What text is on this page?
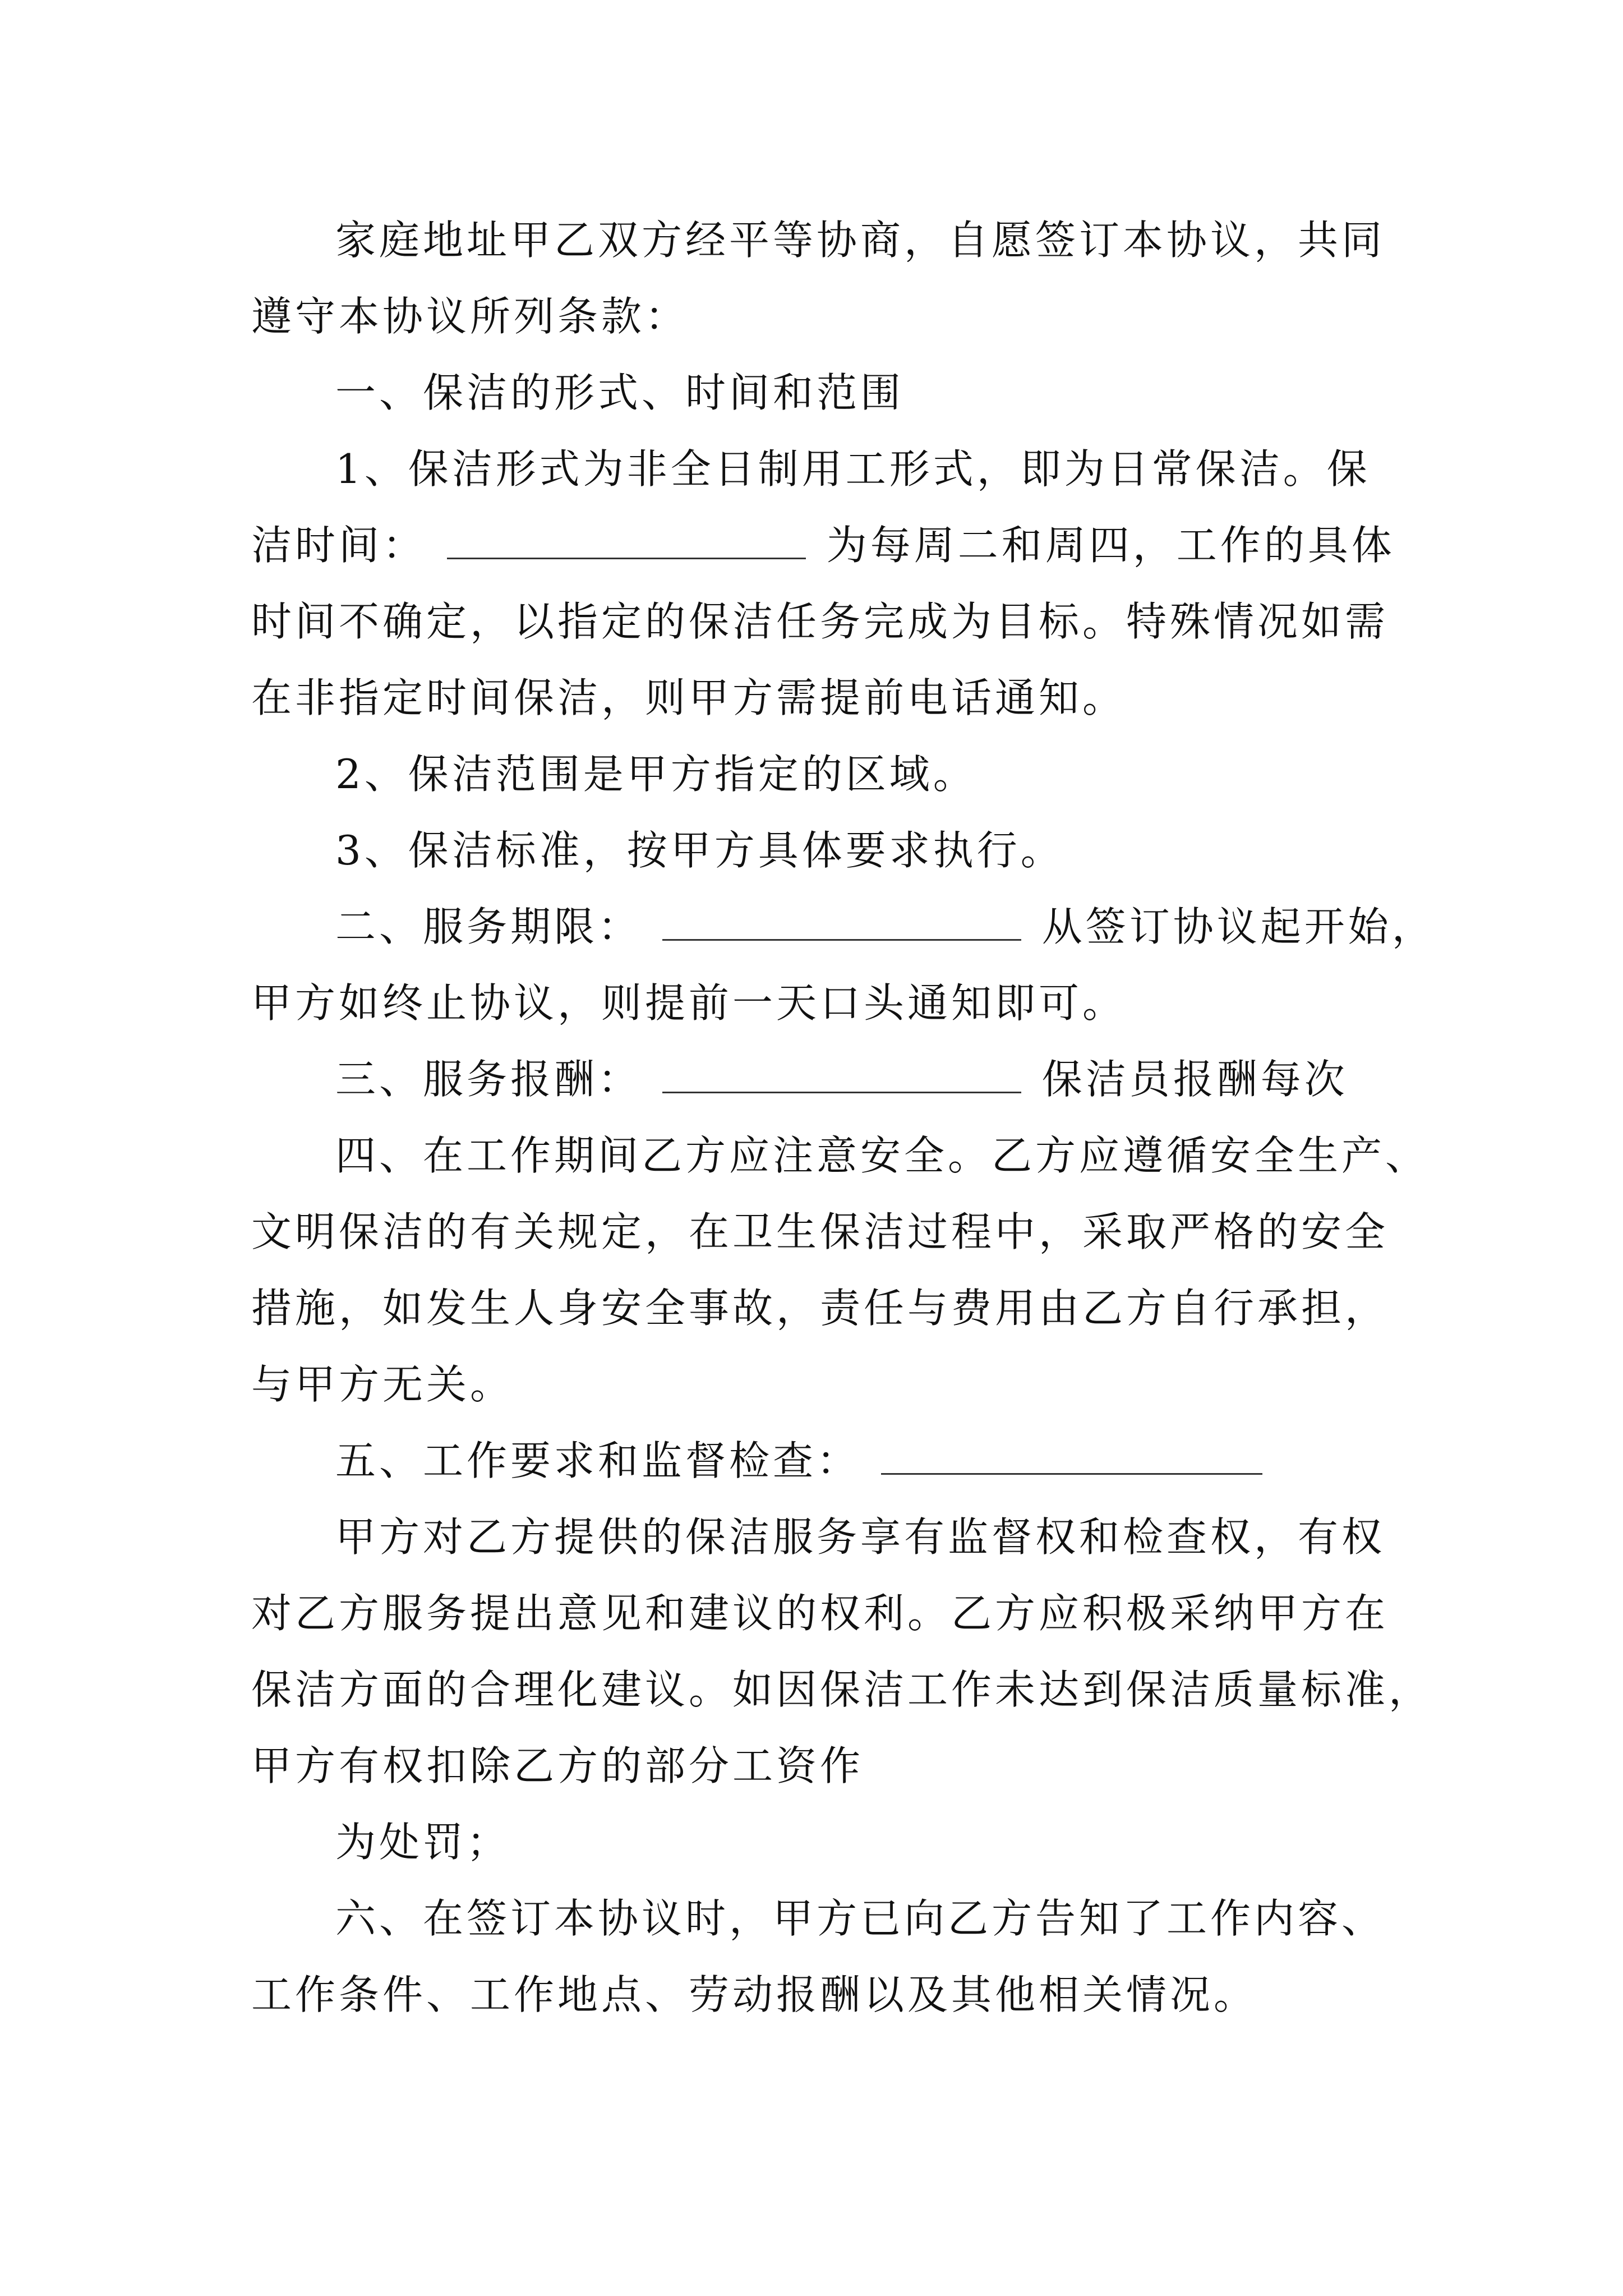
家庭地址甲乙双方经平等协商，自愿签订本协议，共同
遵守本协议所列条款：
一、保洁的形式、时间和范围
1、保洁形式为非全日制用工形式，即为日常保洁。保
洁时间：	为每周二和周四，工作的具体
时间不确定，以指定的保洁任务完成为目标。特殊情况如需
在非指定时间保洁，则甲方需提前电话通知。
2、保洁范围是甲方指定的区域。
3、保洁标准，按甲方具体要求执行。
二、服务期限：	从签订协议起开始，
甲方如终止协议，则提前一天口头通知即可。
三、服务报酬：	保洁员报酬每次
四、在工作期间乙方应注意安全。乙方应遵循安全生产、
文明保洁的有关规定，在卫生保洁过程中，采取严格的安全
措施，如发生人身安全事故，责任与费用由乙方自行承担，
与甲方无关。
五、工作要求和监督检查：
甲方对乙方提供的保洁服务享有监督权和检查权，有权
对乙方服务提出意见和建议的权利。乙方应积极采纳甲方在
保洁方面的合理化建议。如因保洁工作未达到保洁质量标准，
甲方有权扣除乙方的部分工资作
为处罚；
六、在签订本协议时，甲方已向乙方告知了工作内容、
工作条件、工作地点、劳动报酬以及其他相关情况。
